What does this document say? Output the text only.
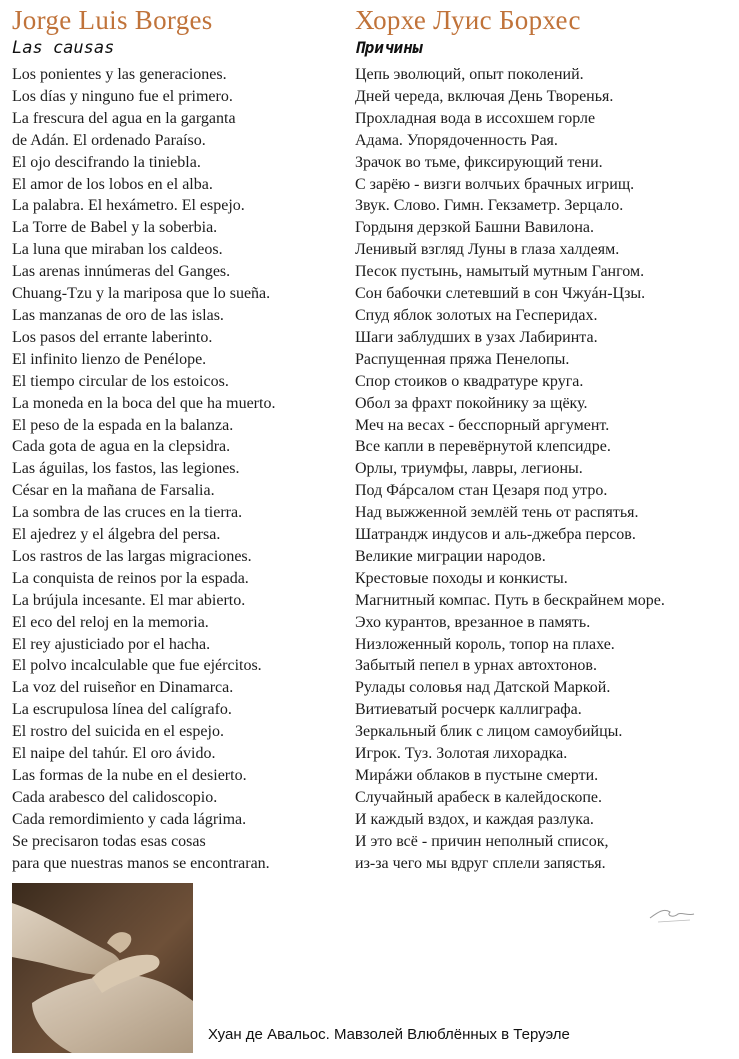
Jorge Luis Borges
Las causas
Los ponientes y las generaciones.
Los días y ninguno fue el primero.
La frescura del agua en la garganta
de Adán. El ordenado Paraíso.
El ojo descifrando la tiniebla.
El amor de los lobos en el alba.
La palabra. El hexámetro. El espejo.
La Torre de Babel y la soberbia.
La luna que miraban los caldeos.
Las arenas innúmeras del Ganges.
Chuang-Tzu y la mariposa que lo sueña.
Las manzanas de oro de las islas.
Los pasos del errante laberinto.
El infinito lienzo de Penélope.
El tiempo circular de los estoicos.
La moneda en la boca del que ha muerto.
El peso de la espada en la balanza.
Cada gota de agua en la clepsidra.
Las águilas, los fastos, las legiones.
César en la mañana de Farsalia.
La sombra de las cruces en la tierra.
El ajedrez y el álgebra del persa.
Los rastros de las largas migraciones.
La conquista de reinos por la espada.
La brújula incesante. El mar abierto.
El eco del reloj en la memoria.
El rey ajusticiado por el hacha.
El polvo incalculable que fue ejércitos.
La voz del ruiseñor en Dinamarca.
La escrupulosa línea del calígrafo.
El rostro del suicida en el espejo.
El naipe del tahúr. El oro ávido.
Las formas de la nube en el desierto.
Cada arabesco del calidoscopio.
Cada remordimiento y cada lágrima.
Se precisaron todas esas cosas
para que nuestras manos se encontraran.
Хорхе Луис Борхес
Причины
Цепь эволюций, опыт поколений.
Дней череда, включая День Творенья.
Прохладная вода в иссохшем горле
Адама. Упорядоченность Рая.
Зрачок во тьме, фиксирующий тени.
С зарёю - визги волчьих брачных игрищ.
Звук. Слово. Гимн. Гекзаметр. Зерцало.
Гордыня дерзкой Башни Вавилона.
Ленивый взгляд Луны в глаза халдеям.
Песок пустынь, намытый мутным Гангом.
Сон бабочки слетевший в сон Чжуáн-Цзы.
Спуд яблок золотых на Гесперидах.
Шаги заблудших в узах Лабиринта.
Распущенная пряжа Пенелопы.
Спор стоиков о квадратуре круга.
Обол за фрахт покойнику за щёку.
Меч на весах - бесспорный аргумент.
Все капли в перевёрнутой клепсидре.
Орлы, триумфы, лавры, легионы.
Под Фáрсалом стан Цезаря под утро.
Над выжженной землёй тень от распятья.
Шатрандж индусов и аль-джебра персов.
Великие миграции народов.
Крестовые походы и конкисты.
Магнитный компас. Путь в бескрайнем море.
Эхо курантов, врезанное в память.
Низложенный король, топор на плахе.
Забытый пепел в урнах автохтонов.
Рулады соловья над Датской Маркой.
Витиеватый росчерк каллиграфа.
Зеркальный блик с лицом самоубийцы.
Игрок. Туз. Золотая лихорадка.
Мирáжи облаков в пустыне смерти.
Случайный арабеск в калейдоскопе.
И каждый вздох, и каждая разлука.
И это всё - причин неполный список,
из-за чего мы вдруг сплели запястья.
Хуан де Авальос. Мавзолей Влюблённых в Теруэле
